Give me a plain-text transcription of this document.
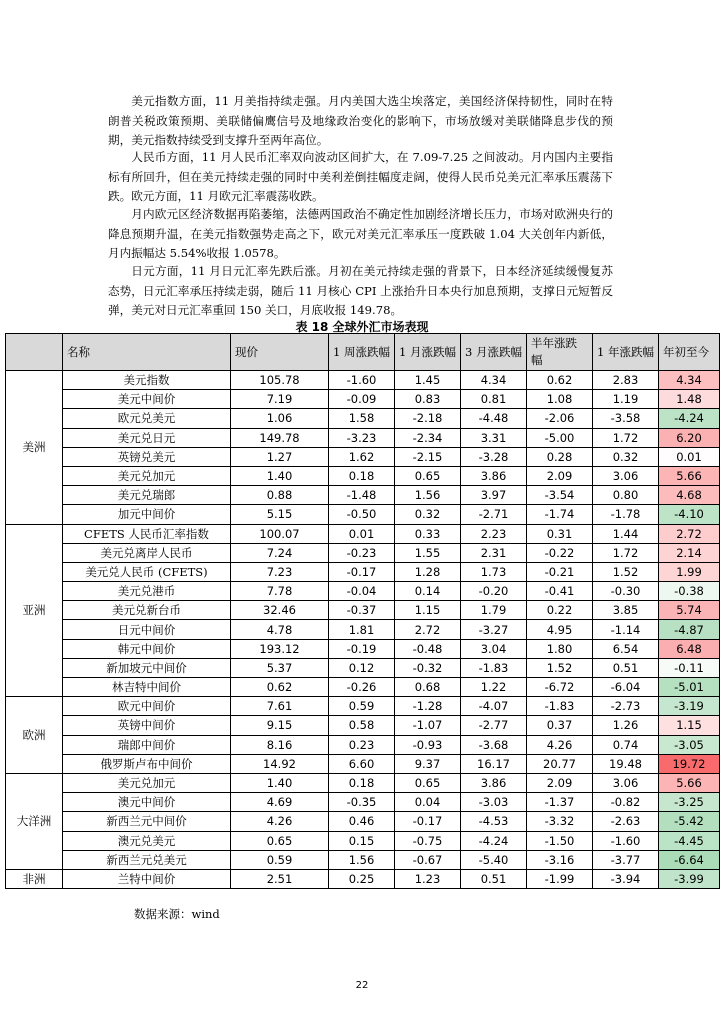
美元指数方面，11 月美指持续走强。月内美国大选尘埃落定，美国经济保持韧性，同时在特朗普关税政策预期、美联储偏鹰信号及地缘政治变化的影响下，市场放缓对美联储降息步伐的预期，美元指数持续受到支撑升至两年高位。

人民币方面，11 月人民币汇率双向波动区间扩大，在 7.09-7.25 之间波动。月内国内主要指标有所回升，但在美元持续走强的同时中美利差倒挂幅度走阔，使得人民币兑美元汇率承压震荡下跌。欧元方面，11 月欧元汇率震荡收跌。

月内欧元区经济数据再陷萎缩，法德两国政治不确定性加剧经济增长压力，市场对欧洲央行的降息预期升温，在美元指数强势走高之下，欧元对美元汇率承压一度跌破 1.04 大关创年内新低，月内振幅达 5.54%收报 1.0578。

日元方面，11 月日元汇率先跌后涨。月初在美元持续走强的背景下，日本经济延续缓慢复苏态势，日元汇率承压持续走弱，随后 11 月核心 CPI 上涨抬升日本央行加息预期，支撑日元短暂反弹，美元对日元汇率重回 150 关口，月底收报 149.78。

表 18 全球外汇市场表现
	名称	现价	1 周涨跌幅	1 月涨跌幅	3 月涨跌幅	半年涨跌幅	1 年涨跌幅	年初至今
美洲	美元指数	105.78	-1.60	1.45	4.34	0.62	2.83	4.34
	美元中间价	7.19	-0.09	0.83	0.81	1.08	1.19	1.48
	欧元兑美元	1.06	1.58	-2.18	-4.48	-2.06	-3.58	-4.24
	美元兑日元	149.78	-3.23	-2.34	3.31	-5.00	1.72	6.20
	英镑兑美元	1.27	1.62	-2.15	-3.28	0.28	0.32	0.01
	美元兑加元	1.40	0.18	0.65	3.86	2.09	3.06	5.66
	美元兑瑞郎	0.88	-1.48	1.56	3.97	-3.54	0.80	4.68
	加元中间价	5.15	-0.50	0.32	-2.71	-1.74	-1.78	-4.10
亚洲	CFETS 人民币汇率指数	100.07	0.01	0.33	2.23	0.31	1.44	2.72
	美元兑离岸人民币	7.24	-0.23	1.55	2.31	-0.22	1.72	2.14
	美元兑人民币 (CFETS)	7.23	-0.17	1.28	1.73	-0.21	1.52	1.99
	美元兑港币	7.78	-0.04	0.14	-0.20	-0.41	-0.30	-0.38
	美元兑新台币	32.46	-0.37	1.15	1.79	0.22	3.85	5.74
	日元中间价	4.78	1.81	2.72	-3.27	4.95	-1.14	-4.87
	韩元中间价	193.12	-0.19	-0.48	3.04	1.80	6.54	6.48
	新加坡元中间价	5.37	0.12	-0.32	-1.83	1.52	0.51	-0.11
	林吉特中间价	0.62	-0.26	0.68	1.22	-6.72	-6.04	-5.01
欧洲	欧元中间价	7.61	0.59	-1.28	-4.07	-1.83	-2.73	-3.19
	英镑中间价	9.15	0.58	-1.07	-2.77	0.37	1.26	1.15
	瑞郎中间价	8.16	0.23	-0.93	-3.68	4.26	0.74	-3.05
	俄罗斯卢布中间价	14.92	6.60	9.37	16.17	20.77	19.48	19.72
大洋洲	美元兑加元	1.40	0.18	0.65	3.86	2.09	3.06	5.66
	澳元中间价	4.69	-0.35	0.04	-3.03	-1.37	-0.82	-3.25
	新西兰元中间价	4.26	0.46	-0.17	-4.53	-3.32	-2.63	-5.42
	澳元兑美元	0.65	0.15	-0.75	-4.24	-1.50	-1.60	-4.45
	新西兰元兑美元	0.59	1.56	-0.67	-5.40	-3.16	-3.77	-6.64
非洲	兰特中间价	2.51	0.25	1.23	0.51	-1.99	-3.94	-3.99
数据来源：wind
22
